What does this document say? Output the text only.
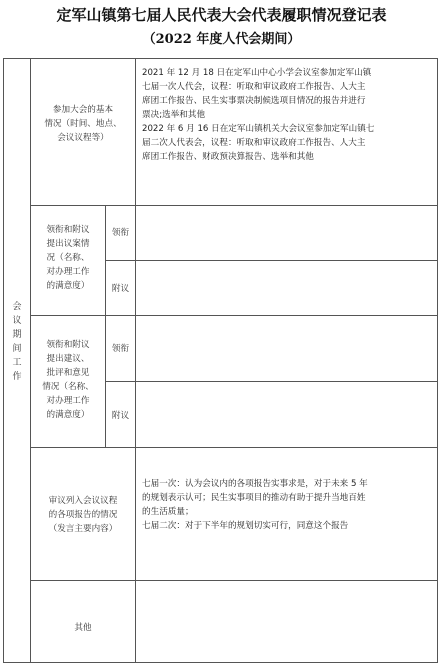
定军山镇第七届人民代表大会代表履职情况登记表
（2022 年度人代会期间）
会
议
期
间
工
作
参加大会的基本
情况（时间、地点、
会议议程等）
2021 年 12 月 18 日在定军山中心小学会议室参加定军山镇
七届一次人代会，议程：听取和审议政府工作报告、人大主
席团工作报告、民生实事票决制候选项目情况的报告并进行
票决;选举和其他
2022 年 6 月 16 日在定军山镇机关大会议室参加定军山镇七
届二次人代表会，议程：听取和审议政府工作报告、人大主
席团工作报告、财政预决算报告、选举和其他
领衔和附议
提出议案情
况（名称、
对办理工作
的满意度）
领衔
附议
领衔和附议
提出建议、
批评和意见
情况（名称、
对办理工作
的满意度）
领衔
附议
审议列入会议议程
的各项报告的情况
（发言主要内容）
七届一次：认为会议内的各项报告实事求是，对于未来 5 年
的规划表示认可；民生实事项目的推动有助于提升当地百姓
的生活质量；
七届二次：对于下半年的规划切实可行，同意这个报告
其他
